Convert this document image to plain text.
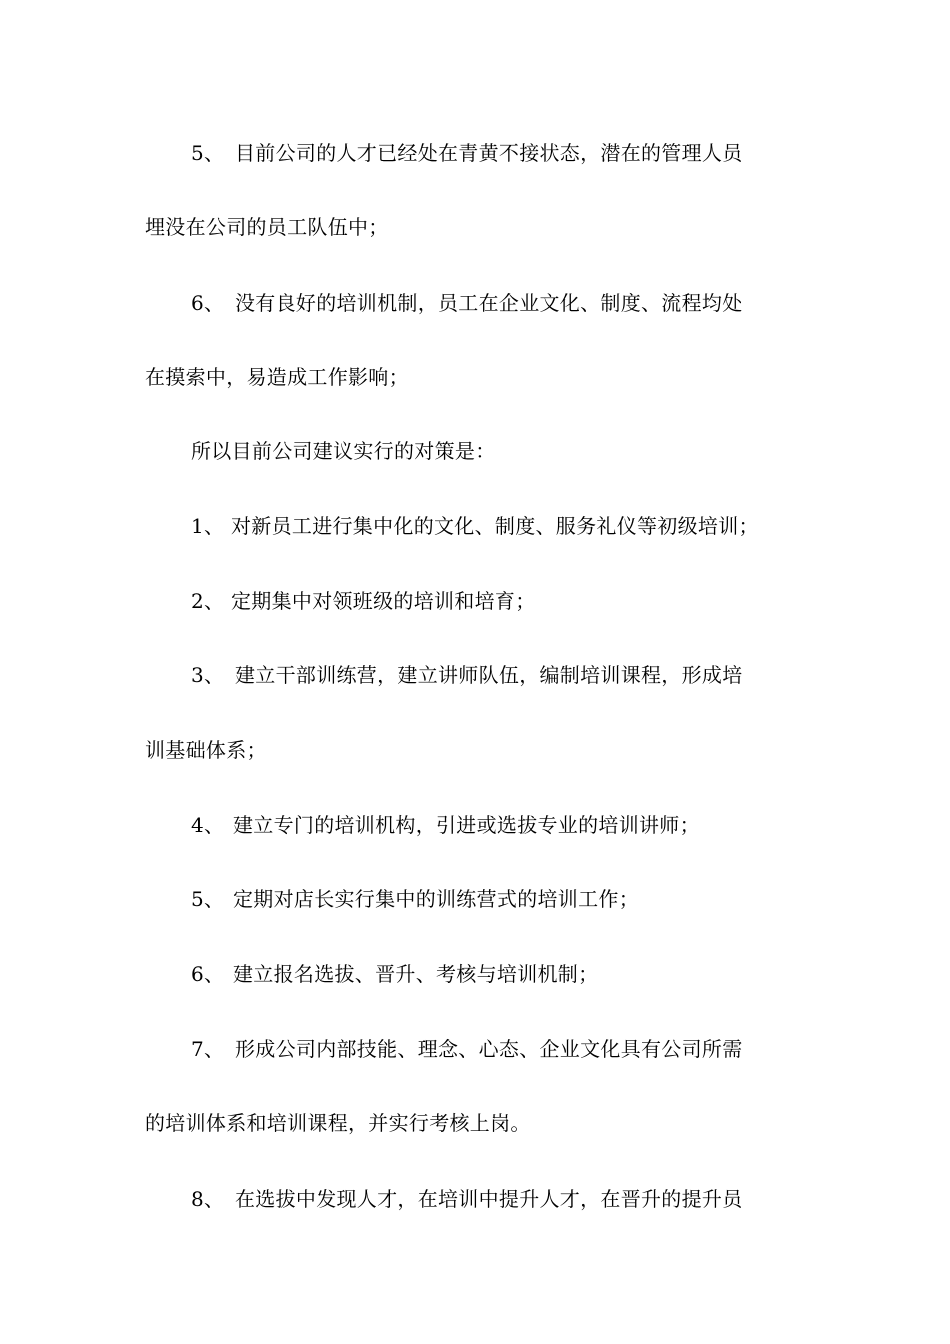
5、 目前公司的人才已经处在青黄不接状态，潜在的管理人员
埋没在公司的员工队伍中；
6、 没有良好的培训机制，员工在企业文化、制度、流程均处
在摸索中，易造成工作影响；
所以目前公司建议实行的对策是：
1、 对新员工进行集中化的文化、制度、服务礼仪等初级培训；
2、 定期集中对领班级的培训和培育；
3、 建立干部训练营，建立讲师队伍，编制培训课程，形成培
训基础体系；
4、 建立专门的培训机构，引进或选拔专业的培训讲师；
5、 定期对店长实行集中的训练营式的培训工作；
6、 建立报名选拔、晋升、考核与培训机制；
7、 形成公司内部技能、理念、心态、企业文化具有公司所需
的培训体系和培训课程，并实行考核上岗。
8、 在选拔中发现人才，在培训中提升人才，在晋升的提升员
